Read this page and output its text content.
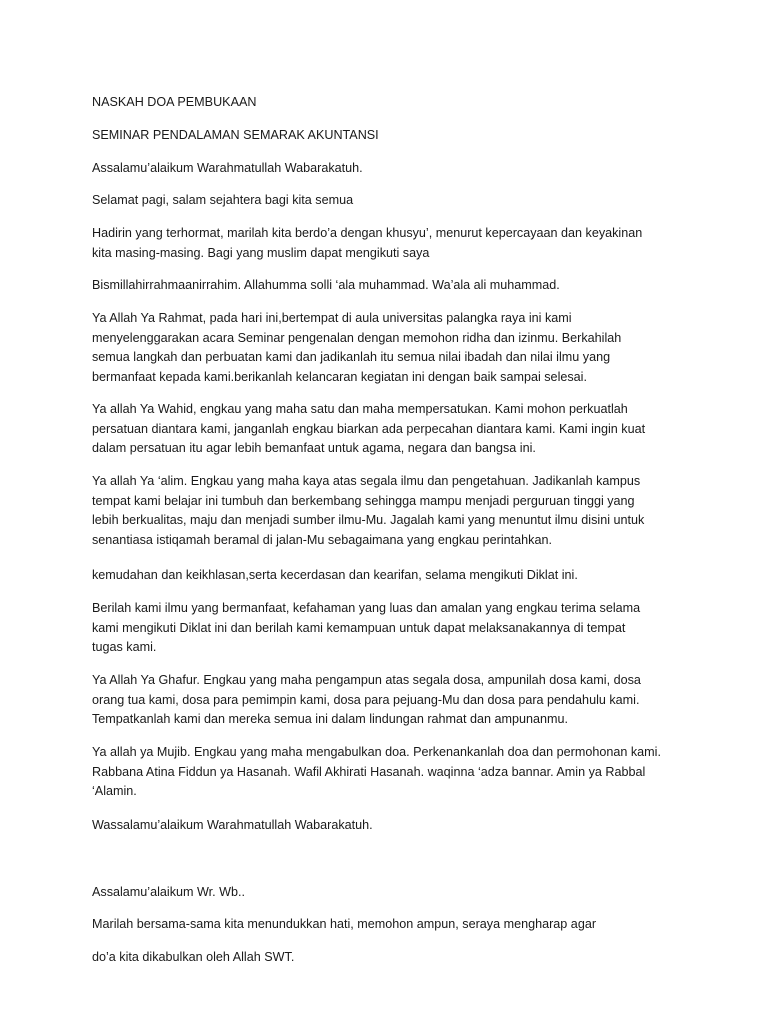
NASKAH DOA PEMBUKAAN

SEMINAR PENDALAMAN SEMARAK AKUNTANSI

Assalamu’alaikum Warahmatullah Wabarakatuh.

Selamat pagi, salam sejahtera bagi kita semua

Hadirin yang terhormat, marilah kita berdo’a dengan khusyu’, menurut kepercayaan dan keyakinan
kita masing-masing. Bagi yang muslim dapat mengikuti saya

Bismillahirrahmaanirrahim. Allahumma solli ‘ala muhammad. Wa’ala ali muhammad.

Ya Allah Ya Rahmat, pada hari ini,bertempat di aula universitas palangka raya ini kami
menyelenggarakan acara Seminar pengenalan dengan memohon ridha dan izinmu. Berkahilah
semua langkah dan perbuatan kami dan jadikanlah itu semua nilai ibadah dan nilai ilmu yang
bermanfaat kepada kami.berikanlah kelancaran kegiatan ini dengan baik sampai selesai.

Ya allah Ya Wahid, engkau yang maha satu dan maha mempersatukan. Kami mohon perkuatlah
persatuan diantara kami, janganlah engkau biarkan ada perpecahan diantara kami. Kami ingin kuat
dalam persatuan itu agar lebih bemanfaat untuk agama, negara dan bangsa ini.

Ya allah Ya ‘alim. Engkau yang maha kaya atas segala ilmu dan pengetahuan. Jadikanlah kampus
tempat kami belajar ini tumbuh dan berkembang sehingga mampu menjadi perguruan tinggi yang
lebih berkualitas, maju dan menjadi sumber ilmu-Mu. Jagalah kami yang menuntut ilmu disini untuk
senantiasa istiqamah beramal di jalan-Mu sebagaimana yang engkau perintahkan.

kemudahan dan keikhlasan,serta kecerdasan dan kearifan, selama mengikuti Diklat ini.

Berilah kami ilmu yang bermanfaat, kefahaman yang luas dan amalan yang engkau terima selama
kami mengikuti Diklat ini dan berilah kami kemampuan untuk dapat melaksanakannya di tempat
tugas kami.

Ya Allah Ya Ghafur. Engkau yang maha pengampun atas segala dosa, ampunilah dosa kami, dosa
orang tua kami, dosa para pemimpin kami, dosa para pejuang-Mu dan dosa para pendahulu kami.
Tempatkanlah kami dan mereka semua ini dalam lindungan rahmat dan ampunanmu.

Ya allah ya Mujib. Engkau yang maha mengabulkan doa. Perkenankanlah doa dan permohonan kami.
Rabbana Atina Fiddun ya Hasanah. Wafil Akhirati Hasanah. waqinna ‘adza bannar. Amin ya Rabbal
‘Alamin.

Wassalamu’alaikum Warahmatullah Wabarakatuh.

Assalamu’alaikum Wr. Wb..

Marilah bersama-sama kita menundukkan hati, memohon ampun, seraya mengharap agar

do’a kita dikabulkan oleh Allah SWT.
